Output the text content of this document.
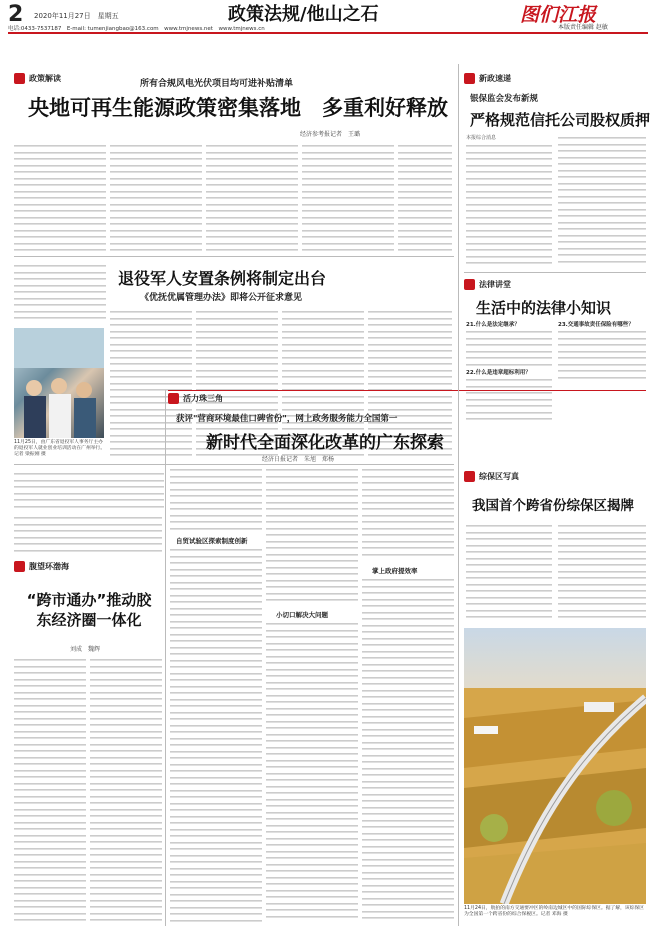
2 2020年11月27日　星期五	政策法规/他山之石	图们江报
本版责任编辑 赵敏
电话:0433-7537187　E-mail: tumenjiangbao@163.com　www.tmjnews.net　www.tmjnews.cn
政策解读
所有合规风电光伏项目均可进补贴清单
央地可再生能源政策密集落地　多重利好释放
经济参考报记者　王璐
退役军人安置条例将制定出台
《优抚优属管理办法》即将公开征求意见
11月25日，由广东省退役军人事务厅主办的退役军人就业创业培训活动在广州举行。记者 梁振刚 摄
新政速递
银保监会发布新规
严格规范信托公司股权质押
本报综合消息
法律讲堂
生活中的法律小知识
21.什么是法定继承？	23.交通事故责任保险有哪些？
22.什么是违章超标利用？
活力珠三角
获评"营商环境最佳口碑省份"，网上政务服务能力全国第一
新时代全面深化改革的广东探索
经济日报记者　朱旭　郑杨
掌上政府提效率
自贸试验区探索制度创新
小切口解决大问题
腹望环渤海
“跨市通办”推动胶东经济圈一体化
刘成　魏辉
综保区写真
我国首个跨省份综保区揭牌
11月24日，航拍的南方交通要冲区的岭南边城区中的国际综保区。据了解，该综保区为全国第一个跨省份的综合保税区。记者 邓海 摄
